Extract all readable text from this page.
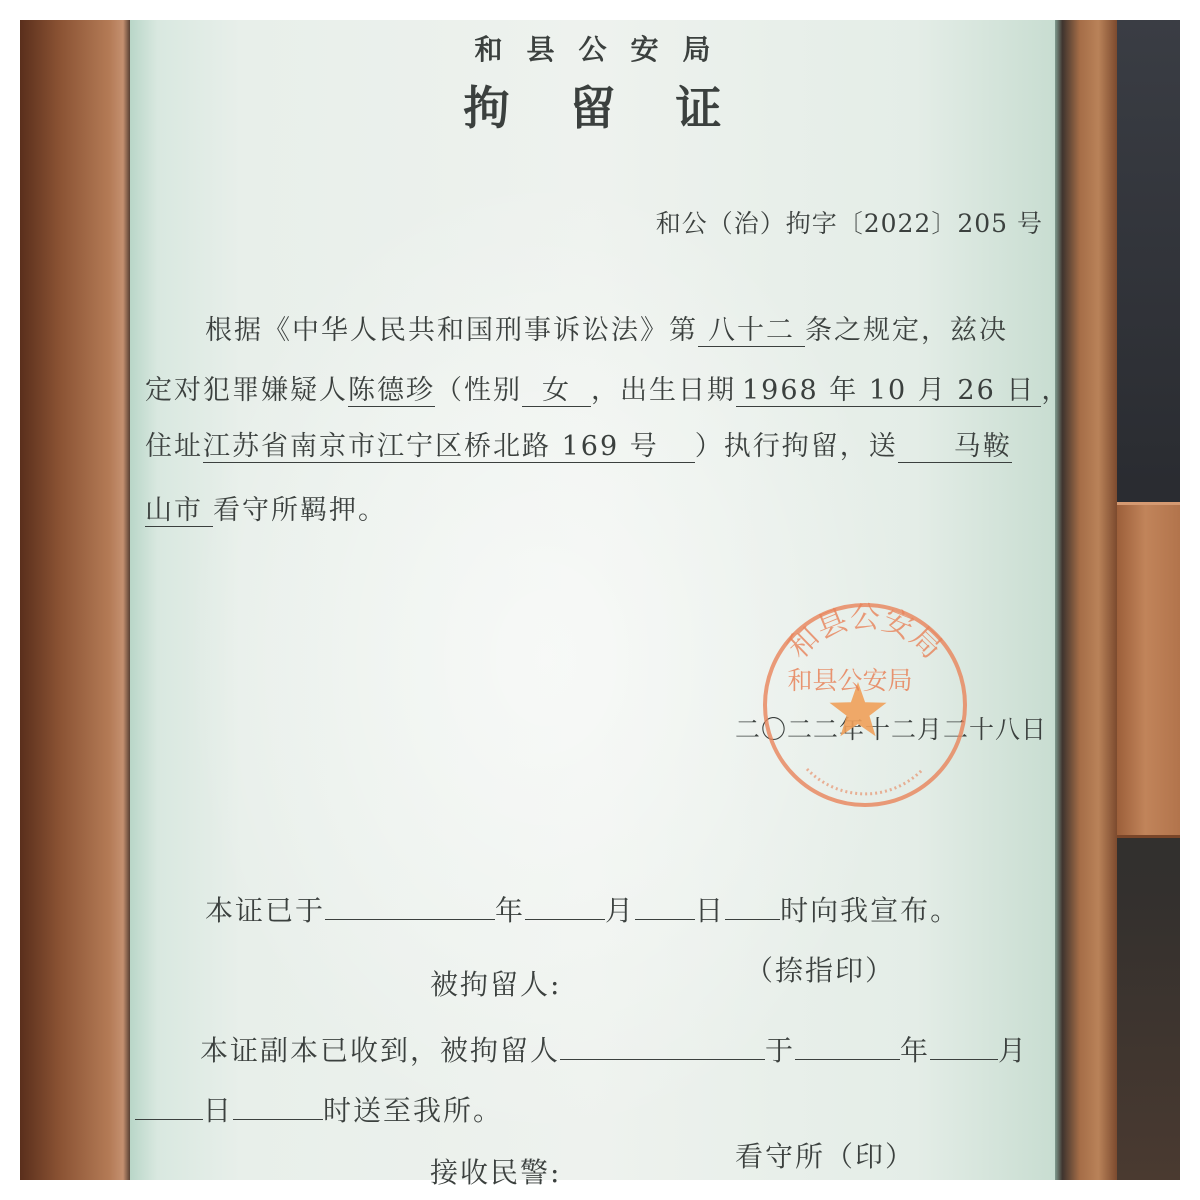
和县公安局
拘留证
和公（治）拘字〔2022〕205 号
根据《中华人民共和国刑事诉讼法》第 八十二 条之规定，兹决
定对犯罪嫌疑人陈德珍（性别 女 ，出生日期 1968 年 10 月 26 日 ，
住址江苏省南京市江宁区桥北路 169 号 ）执行拘留，送 马鞍
山市 看守所羁押。
二〇二二年十二月二十八日
和县公安局
和县公安局
本证已于	年	月 日 时向我宣布。
被拘留人:	（捺指印）
本证副本已收到，被拘留人	于	年 月
日	时送至我所。
接收民警:	看守所（印）
